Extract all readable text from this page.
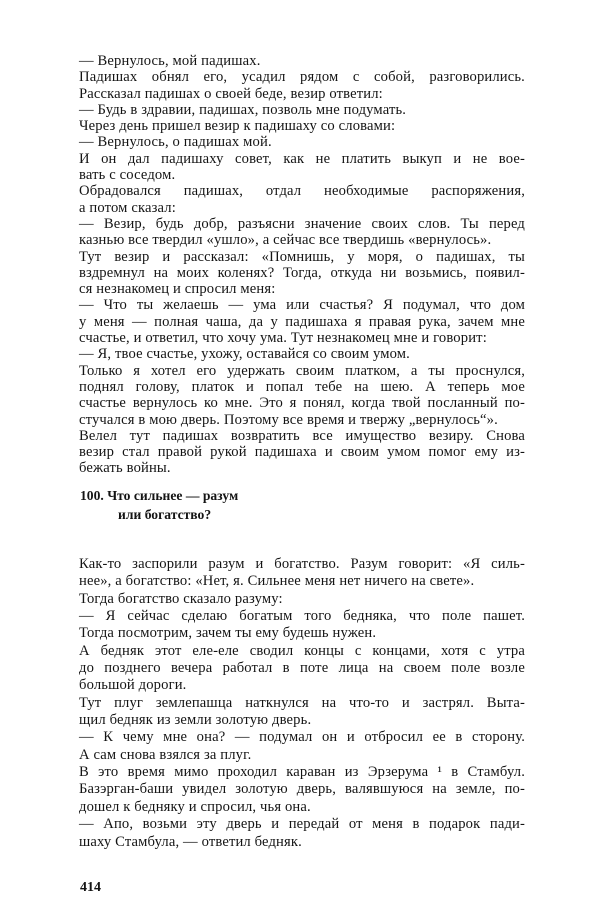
— Вернулось, мой падишах.
Падишах обнял его, усадил рядом с собой, разговорились.
Рассказал падишах о своей беде, везир ответил:
— Будь в здравии, падишах, позволь мне подумать.
Через день пришел везир к падишаху со словами:
— Вернулось, о падишах мой.
И он дал падишаху совет, как не платить выкуп и не вое-
вать с соседом.
Обрадовался падишах, отдал необходимые распоряжения,
а потом сказал:
— Везир, будь добр, разъясни значение своих слов. Ты перед
казнью все твердил «ушло», а сейчас все твердишь «вернулось».
Тут везир и рассказал: «Помнишь, у моря, о падишах, ты
вздремнул на моих коленях? Тогда, откуда ни возьмись, появил-
ся незнакомец и спросил меня:
— Что ты желаешь — ума или счастья? Я подумал, что дом
у меня — полная чаша, да у падишаха я правая рука, зачем мне
счастье, и ответил, что хочу ума. Тут незнакомец мне и говорит:
— Я, твое счастье, ухожу, оставайся со своим умом.
Только я хотел его удержать своим платком, а ты проснулся,
поднял голову, платок и попал тебе на шею. А теперь мое
счастье вернулось ко мне. Это я понял, когда твой посланный по-
стучался в мою дверь. Поэтому все время и твержу „вернулось“».
Велел тут падишах возвратить все имущество везиру. Снова
везир стал правой рукой падишаха и своим умом помог ему из-
бежать войны.
100. Что сильнее — разум
или богатство?
Как-то заспорили разум и богатство. Разум говорит: «Я силь-
нее», а богатство: «Нет, я. Сильнее меня нет ничего на свете».
Тогда богатство сказало разуму:
— Я сейчас сделаю богатым того бедняка, что поле пашет.
Тогда посмотрим, зачем ты ему будешь нужен.
А бедняк этот еле-еле сводил концы с концами, хотя с утра
до позднего вечера работал в поте лица на своем поле возле
большой дороги.
Тут плуг землепашца наткнулся на что-то и застрял. Выта-
щил бедняк из земли золотую дверь.
— К чему мне она? — подумал он и отбросил ее в сторону.
А сам снова взялся за плуг.
В это время мимо проходил караван из Эрзерума ¹ в Стамбул.
Базэрган-баши увидел золотую дверь, валявшуюся на земле, по-
дошел к бедняку и спросил, чья она.
— Апо, возьми эту дверь и передай от меня в подарок пади-
шаху Стамбула, — ответил бедняк.
414
